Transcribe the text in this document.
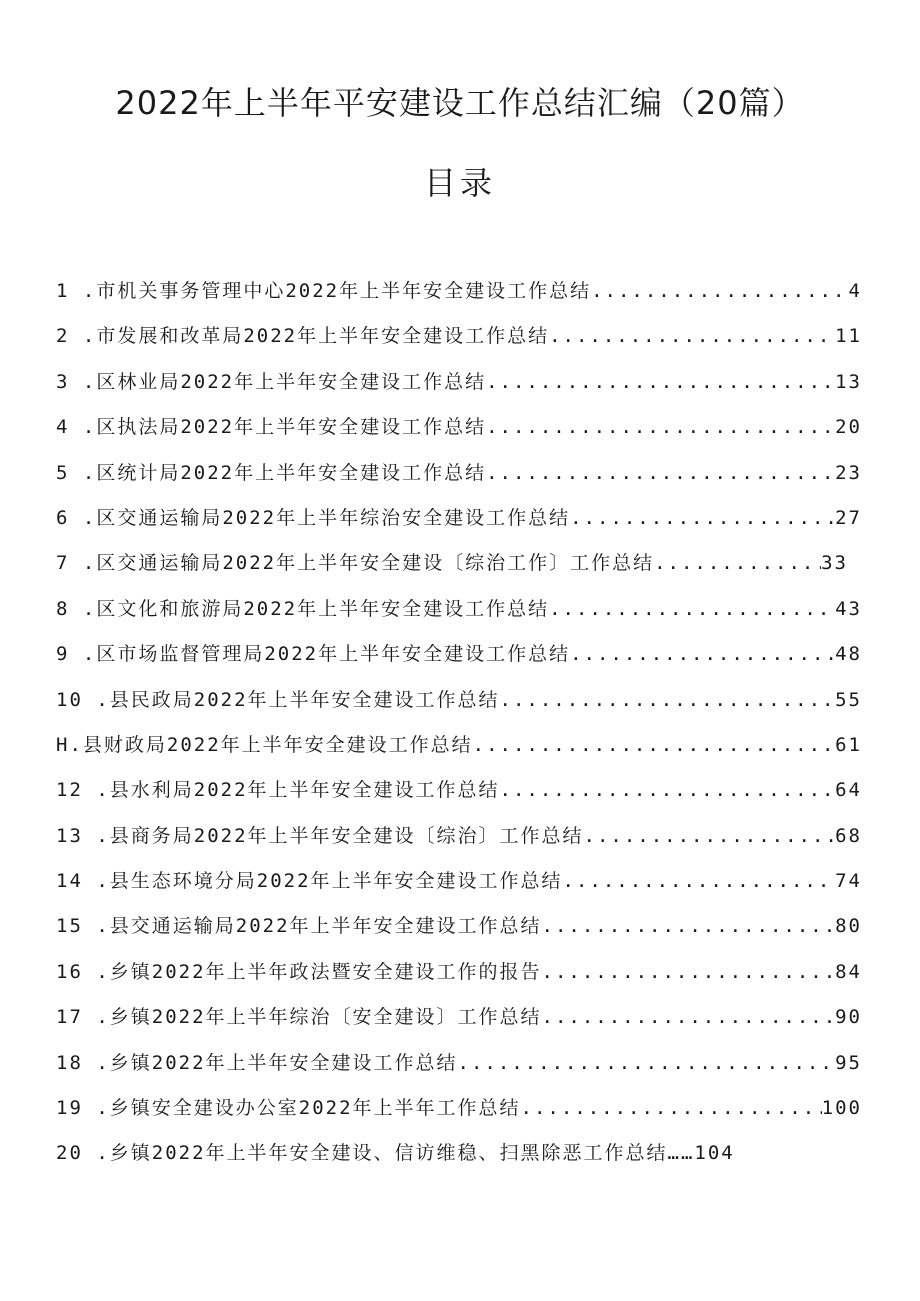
2022年上半年平安建设工作总结汇编（20篇）
目录
1 .市机关事务管理中心2022年上半年安全建设工作总结 .....	4
2 .市发展和改革局2022年上半年安全建设工作总结 .....	11
3 .区林业局2022年上半年安全建设工作总结 .....	13
4 .区执法局2022年上半年安全建设工作总结 .....	20
5 .区统计局2022年上半年安全建设工作总结 .....	23
6 .区交通运输局2022年上半年综治安全建设工作总结 .....	27
7 .区交通运输局2022年上半年安全建设〔综治工作〕工作总结 .....	33
8 .区文化和旅游局2022年上半年安全建设工作总结 .....	43
9 .区市场监督管理局2022年上半年安全建设工作总结 .....	48
10 .县民政局2022年上半年安全建设工作总结 .....	55
H.县财政局2022年上半年安全建设工作总结 .....	61
12 .县水利局2022年上半年安全建设工作总结 .....	64
13 .县商务局2022年上半年安全建设〔综治〕工作总结 .....	68
14 .县生态环境分局2022年上半年安全建设工作总结 .....	74
15 .县交通运输局2022年上半年安全建设工作总结 .....	80
16 .乡镇2022年上半年政法暨安全建设工作的报告 .....	84
17 .乡镇2022年上半年综治〔安全建设〕工作总结 .....	90
18 .乡镇2022年上半年安全建设工作总结 .....	95
19 .乡镇安全建设办公室2022年上半年工作总结 .....	100
20 .乡镇2022年上半年安全建设、信访维稳、扫黑除恶工作总结……104
